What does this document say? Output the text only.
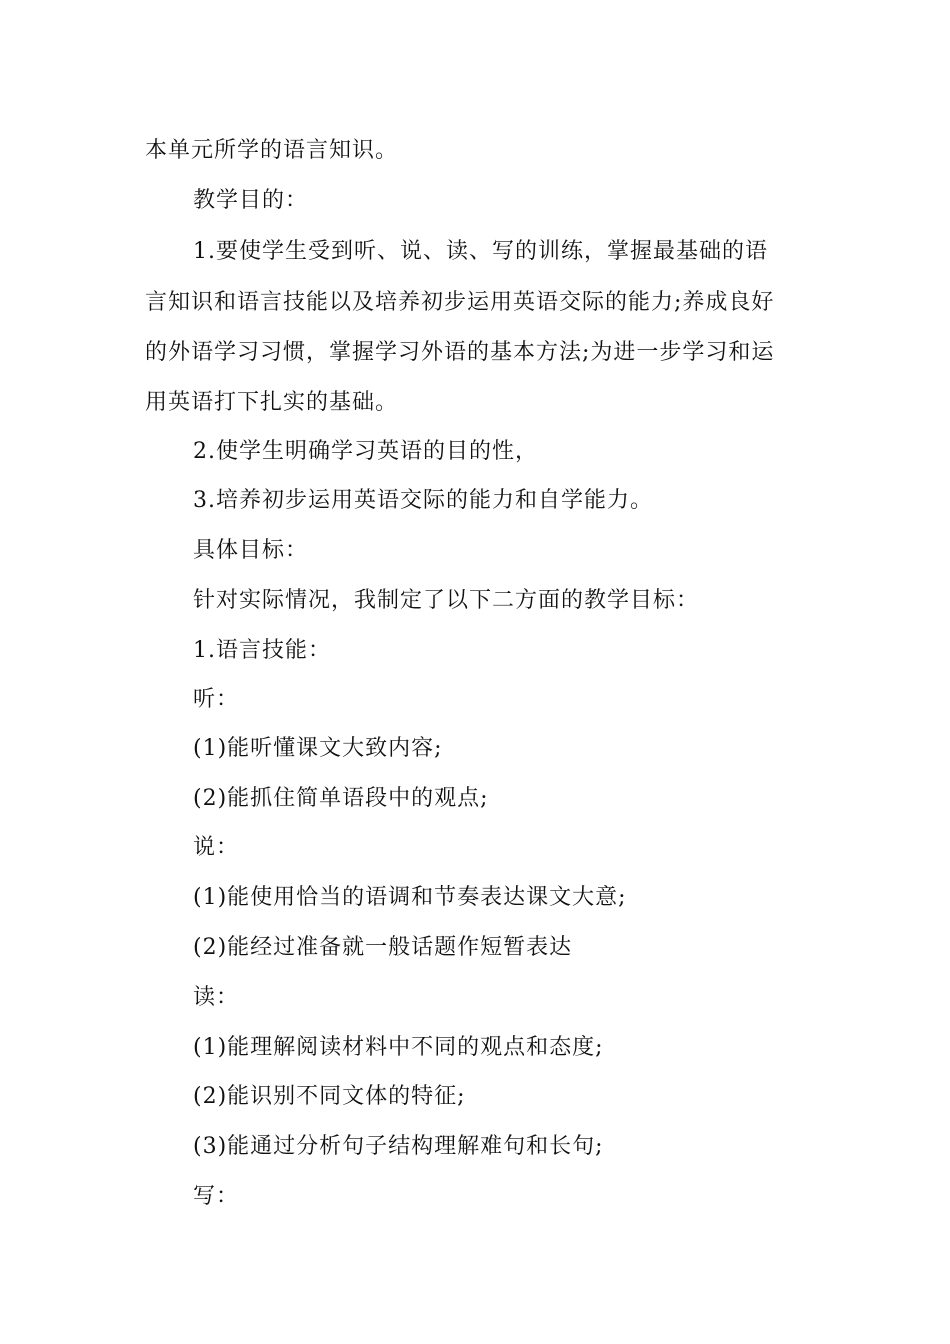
本单元所学的语言知识。

教学目的：

1.要使学生受到听、说、读、写的训练，掌握最基础的语

言知识和语言技能以及培养初步运用英语交际的能力;养成良好

的外语学习习惯，掌握学习外语的基本方法;为进一步学习和运

用英语打下扎实的基础。

2.使学生明确学习英语的目的性，

3.培养初步运用英语交际的能力和自学能力。

具体目标：

针对实际情况，我制定了以下二方面的教学目标：

1.语言技能：

听：

(1)能听懂课文大致内容;

(2)能抓住简单语段中的观点;

说：

(1)能使用恰当的语调和节奏表达课文大意;

(2)能经过准备就一般话题作短暂表达

读：

(1)能理解阅读材料中不同的观点和态度;

(2)能识别不同文体的特征;

(3)能通过分析句子结构理解难句和长句;

写：
